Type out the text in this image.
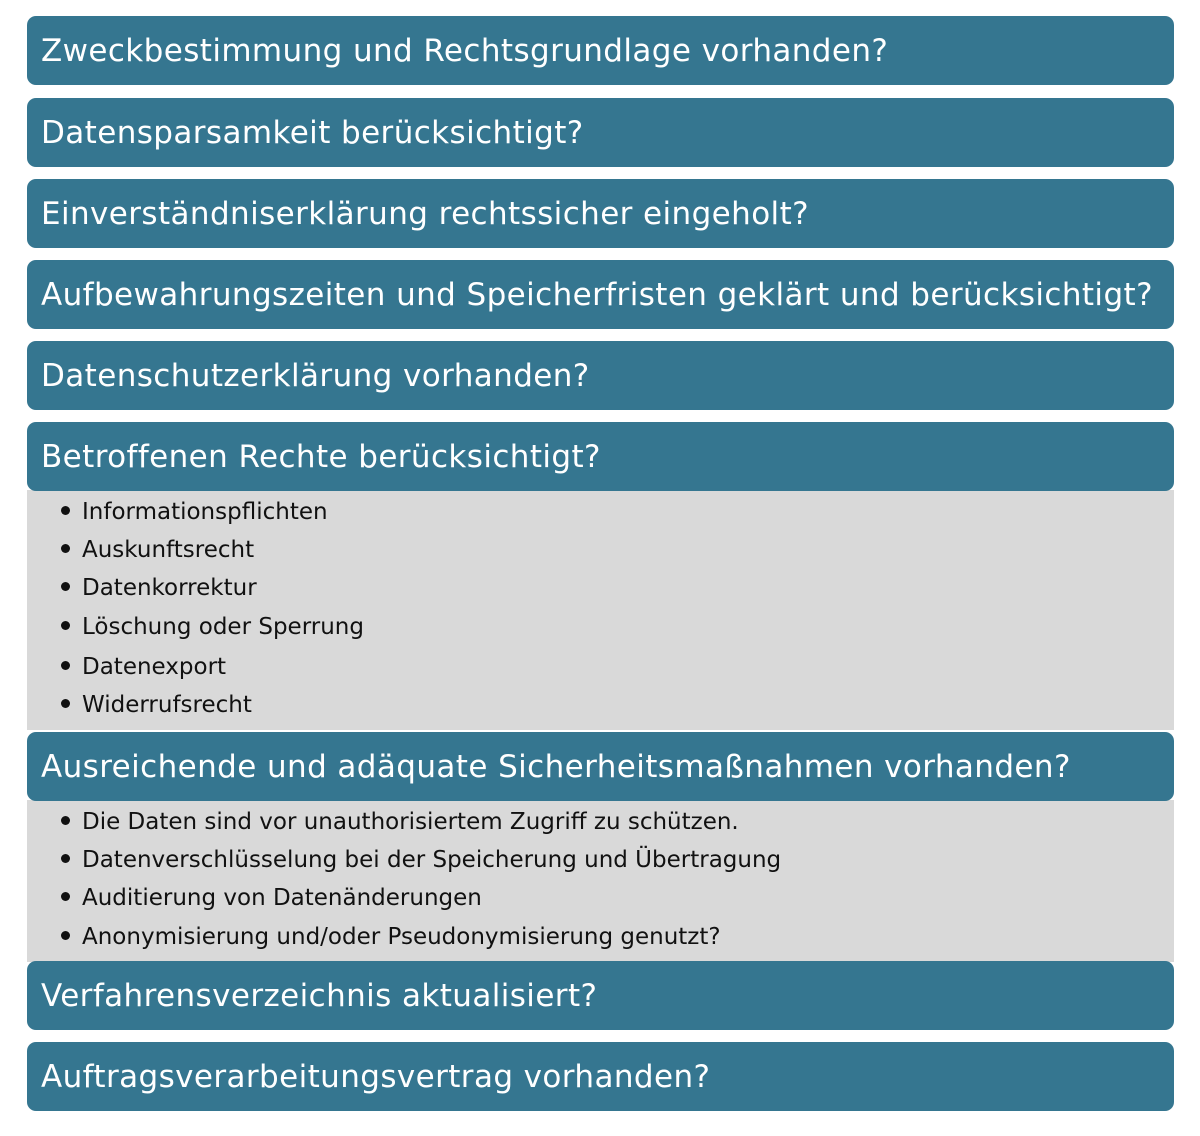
Zweckbestimmung und Rechtsgrundlage vorhanden?
Datensparsamkeit berücksichtigt?
Einverständniserklärung rechtssicher eingeholt?
Aufbewahrungszeiten und Speicherfristen geklärt und berücksichtigt?
Datenschutzerklärung vorhanden?
Betroffenen Rechte berücksichtigt?
Informationspflichten
Auskunftsrecht
Datenkorrektur
Löschung oder Sperrung
Datenexport
Widerrufsrecht
Ausreichende und adäquate Sicherheitsmaßnahmen vorhanden?
Die Daten sind vor unauthorisiertem Zugriff zu schützen.
Datenverschlüsselung bei der Speicherung und Übertragung
Auditierung von Datenänderungen
Anonymisierung und/oder Pseudonymisierung genutzt?
Verfahrensverzeichnis aktualisiert?
Auftragsverarbeitungsvertrag vorhanden?
